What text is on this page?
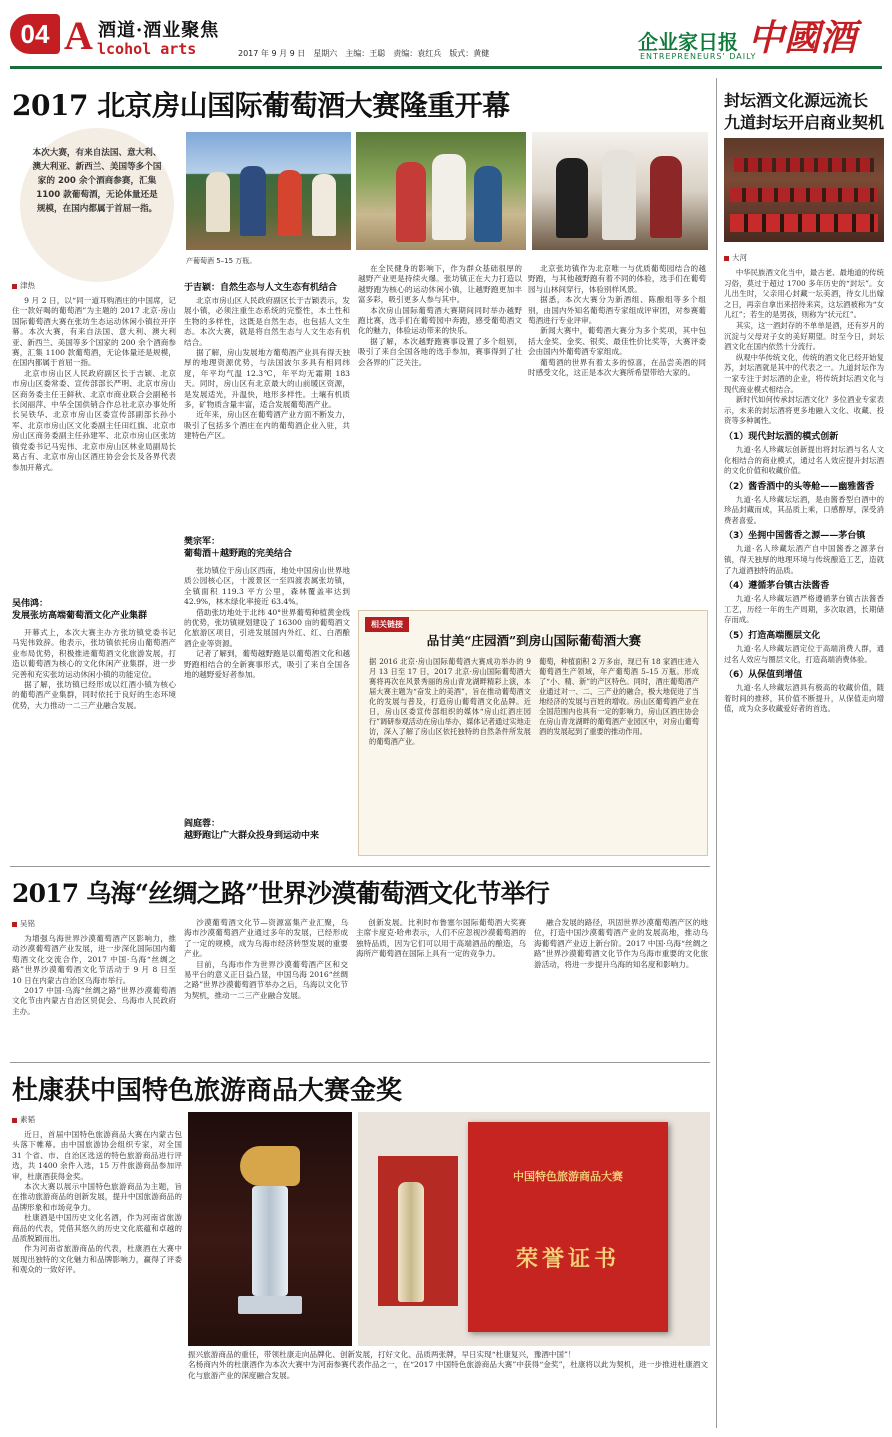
04 A 酒道·酒业聚焦
lcohol arts	2017 年 9 月 9 日　星期六　主编：王聪　责编：袁红兵　版式：黄健	企业家日报
ENTREPRENEURS' DAILY
中國酒
2017 北京房山国际葡萄酒大赛隆重开幕
本次大赛，有来自法国、意大利、澳大利亚、新西兰、美国等多个国家的 200 余个酒商参赛，汇集 1100 款葡萄酒，无论体量还是规模，在国内都属于首屈一指。
产葡萄酒 5–15 万瓶。
津热

9 月 2 日，以“同一道耳购酒庄的中国席，记住一款好喝的葡萄酒”为主题的 2017 北京·房山国际葡萄酒大赛在张坊生态运动休闲小镇拉开序幕。本次大赛，有来自法国、意大利、澳大利亚、新西兰、美国等多个国家的 200 余个酒商参赛，汇集 1100 款葡萄酒，无论体量还是规模，在国内都属于首屈一指。

北京市房山区人民政府副区长于吉颖、北京市房山区委常委、宣传部部长严明、北京市房山区商务委主任王鲜秋、北京市商业联合会副秘书长闵丽萍、中华全国供销合作总社北京办事处所长吴铁华、北京市房山区委宣传部副部长孙小军、北京市房山区文化委副主任田红旗、北京市房山区商务委副主任孙建军、北京市房山区张坊镇党委书记马宪伟、北京市房山区林业局副局长葛占有、北京市房山区酒庄协会会长及各界代表参加开幕式。

吴伟鸿：
发展张坊高端葡萄酒文化产业集群

开幕式上，本次大赛主办方张坊镇党委书记马宪伟致辞。他表示，张坊镇依托房山葡萄酒产业布局优势，积极推进葡萄酒文化旅游发展，打造以葡萄酒为核心的文化休闲产业集群，进一步完善和充实张坊运动休闲小镇的功能定位。

据了解，张坊镇已经形成以红酒小镇为核心的葡萄酒产业集群，同时依托于良好的生态环境优势，大力推动一二三产业融合发展。

于吉颖：自然生态与人文生态有机结合

北京市房山区人民政府副区长于吉颖表示，发展小镇，必须注重生态系统的完整性，本土性和生物的多样性，这既是自然生态，也包括人文生态。本次大赛，就是将自然生态与人文生态有机结合。

据了解，房山发展地方葡萄酒产业具有得天独厚的地理资源优势，与法国波尔多具有相同纬度，年平均气温 12.3℃，年平均无霜期 183 天。同时，房山区有北京最大的山前暖区资源，是发展适光，升温快，地形多样性。土壤有机质多，矿物质含量丰富，适合发展葡萄酒产业。

近年来，房山区在葡萄酒产业方面不断发力，吸引了包括多个酒庄在内的葡萄酒企业入驻，共建特色产区。

樊宗军：
葡萄酒＋越野跑的完美结合

张坊镇位于房山区西南，地处中国房山世界地质公园核心区，十渡景区一至四渡表属张坊镇，全镇面积 119.3 平方公里，森林覆盖率达到 42.9%，林木绿化率接近 63.4%。

借助张坊地处于北纬 40°世界葡萄种植黄金线的优势，张坊镇规划建设了 16300 亩的葡萄酒文化旅游区项目，引进发展国内外红、红、白酒酿酒企业等资源。

记者了解到，葡萄越野跑是以葡萄酒文化和越野跑相结合的全新赛事形式，吸引了来自全国各地的越野爱好者参加。

阎庭蓉：
越野跑让广大群众投身到运动中来

在全民健身的影响下，作为群众基础很厚的越野产业更是持续火爆。张坊镇正在大力打造以越野跑为核心的运动休闲小镇，让越野跑更加丰富多彩，吸引更多人参与其中。

本次房山国际葡萄酒大赛期间同时举办越野跑比赛，选手们在葡萄园中奔跑，感受葡萄酒文化的魅力，体验运动带来的快乐。

据了解，本次越野跑赛事设置了多个组别，吸引了来自全国各地的选手参加，赛事得到了社会各界的广泛关注。

北京张坊镇作为北京唯一与优质葡萄园结合的越野跑，与其他越野跑有着不同的体验，选手们在葡萄园与山林间穿行，体验别样风景。

据悉，本次大赛分为新酒组、陈酿组等多个组别，由国内外知名葡萄酒专家组成评审团，对参赛葡萄酒进行专业评审。

新闻大赛中，葡萄酒大赛分为多个奖项，其中包括大金奖、金奖、银奖、最佳性价比奖等，大赛评委会由国内外葡萄酒专家组成。

葡萄酒的世界有着太多的惊喜，在品尝美酒的同时感受文化，这正是本次大赛所希望带给大家的。

相关链接
品甘美“庄园酒”到房山国际葡萄酒大赛
据 2016 北京·房山国际葡萄酒大赛成功举办的 9 月 13 日至 17 日，2017 北京·房山国际葡萄酒大赛将再次在风景秀丽的房山青龙湖畔精彩上演，本届大赛主题为“奋发上的美酒”，旨在推动葡萄酒文化的发展与普及，打造房山葡萄酒文化品牌。近日，房山区委宣传部组织的媒体“房山红酒庄园行”调研参观活动在房山举办，媒体记者通过实地走访，深入了解了房山区依托独特的自然条件所发展的葡萄酒产业。
葡萄，种植面积 2 万多亩，现已有 18 家酒庄进入葡萄酒生产领域，年产葡萄酒 5–15 万瓶。形成了“小、精、新”的产区特色。同时，酒庄葡萄酒产业通过对一、二、三产业的融合，极大地促进了当地经济的发展与百姓的增收。房山区葡萄酒产业在全国范围内也具有一定的影响力，房山区酒庄协会在房山青龙湖畔的葡萄酒产业园区中，对房山葡萄酒的发展起到了重要的推动作用。
封坛酒文化源远流长
九道封坛开启商业契机
大河

中华民族酒文化当中，最古老、最地道的传统习俗，莫过于超过 1700 多年历史的“封坛”。女儿出生时，父亲用心封藏一坛美酒，待女儿出嫁之日，再亲自拿出来招待来宾，这坛酒被称为“女儿红”；若生的是男孩，则称为“状元红”。

其实，这一酒封存的不单单是酒，还有岁月的沉淀与父母对子女的美好期望。时至今日，封坛酒文化在国内依然十分流行。

纵观中华传统文化，传统的酒文化已经开始复苏，封坛酒就是其中的代表之一。九道封坛作为一家专注于封坛酒的企业，将传统封坛酒文化与现代商业模式相结合。

新时代如何传承封坛酒文化？多位酒业专家表示，未来的封坛酒将更多地融入文化、收藏、投资等多种属性。

（1）现代封坛酒的模式创新

九道·名人珍藏坛创新提出将封坛酒与名人文化相结合的商业模式，通过名人效应提升封坛酒的文化价值和收藏价值。

（2）酱香酒中的头等舱——幽雅酱香

九道·名人珍藏坛坛酒，是由酱香型白酒中的珍品封藏而成，其品质上乘，口感醇厚，深受消费者喜爱。

（3）坐拥中国酱香之源——茅台镇

九道·名人珍藏坛酒产自中国酱香之源茅台镇，得天独厚的地理环境与传统酿造工艺，造就了九道酒独特的品质。

（4）遵循茅台镇古法酱香

九道·名人珍藏坛酒严格遵循茅台镇古法酱香工艺，历经一年的生产周期，多次取酒，长期储存而成。

（5）打造高端圈层文化

九道·名人珍藏坛酒定位于高端消费人群，通过名人效应与圈层文化，打造高端消费体验。

（6）从保值到增值

九道·名人珍藏坛酒具有极高的收藏价值，随着时间的推移，其价值不断提升，从保值走向增值，成为众多收藏爱好者的首选。

2017 乌海“丝绸之路”世界沙漠葡萄酒文化节举行
吴铭

为增强乌海世界沙漠葡萄酒产区影响力，推动沙漠葡萄酒产业发展，进一步深化国际国内葡萄酒文化交流合作，2017 中国·乌海“丝绸之路”世界沙漠葡萄酒文化节活动于 9 月 8 日至 10 日在内蒙古自治区乌海市举行。

2017 中国·乌海“丝绸之路”世界沙漠葡萄酒文化节由内蒙古自治区贸促会、乌海市人民政府主办。

沙漠葡萄酒文化节—资源富集产业汇聚，乌海市沙漠葡萄酒产业通过多年的发展，已经形成了一定的规模，成为乌海市经济转型发展的重要产业。

目前，乌海市作为世界沙漠葡萄酒产区和交易平台的意义正日益凸显，中国乌海 2016“丝绸之路”世界沙漠葡萄酒节举办之后，乌海以文化节为契机，推动一二三产业融合发展。

创新发展。比利时布鲁塞尔国际葡萄酒大奖赛主席卡度克·哈弗表示，人们不应忽视沙漠葡萄酒的独特品质，因为它们可以用于高端酒品的酿造，乌海所产葡萄酒在国际上具有一定的竞争力。

融合发展的路径，巩固世界沙漠葡萄酒产区的地位，打造中国沙漠葡萄酒产业的发展高地，推动乌海葡萄酒产业迈上新台阶。2017 中国·乌海“丝绸之路”世界沙漠葡萄酒文化节作为乌海市重要的文化旅游活动，将进一步提升乌海的知名度和影响力。

杜康获中国特色旅游商品大赛金奖
素韬

近日，首届中国特色旅游商品大赛在内蒙古包头落下帷幕。由中国旅游协会组织专家，对全国 31 个省、市、自治区选送的特色旅游商品进行评选，共 1400 余件入选，15 万件旅游商品参加评审，杜康酒获得金奖。

本次大赛以展示中国特色旅游商品为主题，旨在推动旅游商品的创新发展，提升中国旅游商品的品牌形象和市场竞争力。

杜康酒是中国历史文化名酒，作为河南省旅游商品的代表，凭借其悠久的历史文化底蕴和卓越的品质脱颖而出。

作为河南省旅游商品的代表，杜康酒在大赛中展现出独特的文化魅力和品牌影响力，赢得了评委和观众的一致好评。

中国特色旅游商品大赛
荣誉证书
振兴旅游商品的重任，带领杜康走向品牌化、创新发展，打好文化、品质两张牌，早日实现“杜康复兴，豫酒中国”！
名杨商内外的杜康酒作为本次大赛中为河南参赛代表作品之一，在“2017 中国特色旅游商品大赛”中获得“金奖”，杜康将以此为契机，进一步推进杜康酒文化与旅游产业的深度融合发展。
